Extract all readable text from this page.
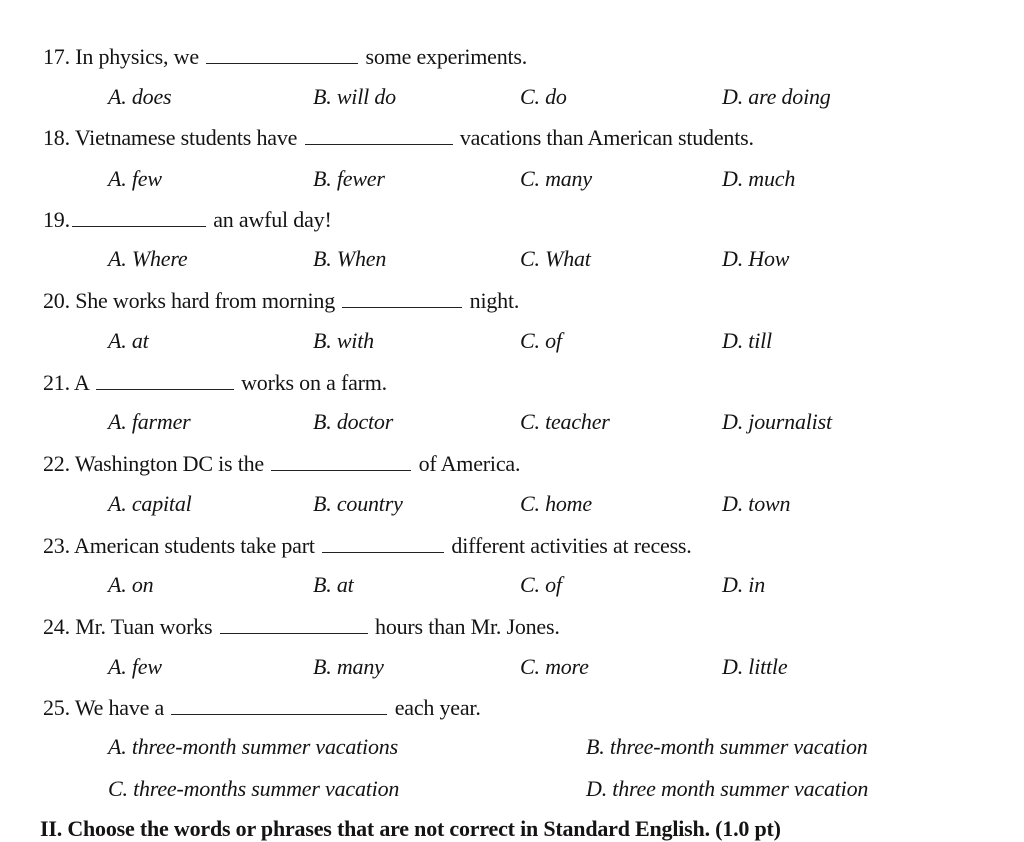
17. In physics, we	some experiments.
A. does	B. will do	C. do	D. are doing
18. Vietnamese students have	vacations than American students.
A. few	B. fewer	C. many	D. much
19.	an awful day!
A. Where	B. When	C. What	D. How
20. She works hard from morning	night.
A. at	B. with	C. of	D. till
21. A	works on a farm.
A. farmer	B. doctor	C. teacher	D. journalist
22. Washington DC is the	of America.
A. capital	B. country	C. home	D. town
23. American students take part	different activities at recess.
A. on	B. at	C. of	D. in
24. Mr. Tuan works	hours than Mr. Jones.
A. few	B. many	C. more	D. little
25. We have a	each year.
A. three-month summer vacations	B. three-month summer vacation
C. three-months summer vacation	D. three month summer vacation
II. Choose the words or phrases that are not correct in Standard English. (1.0 pt)
